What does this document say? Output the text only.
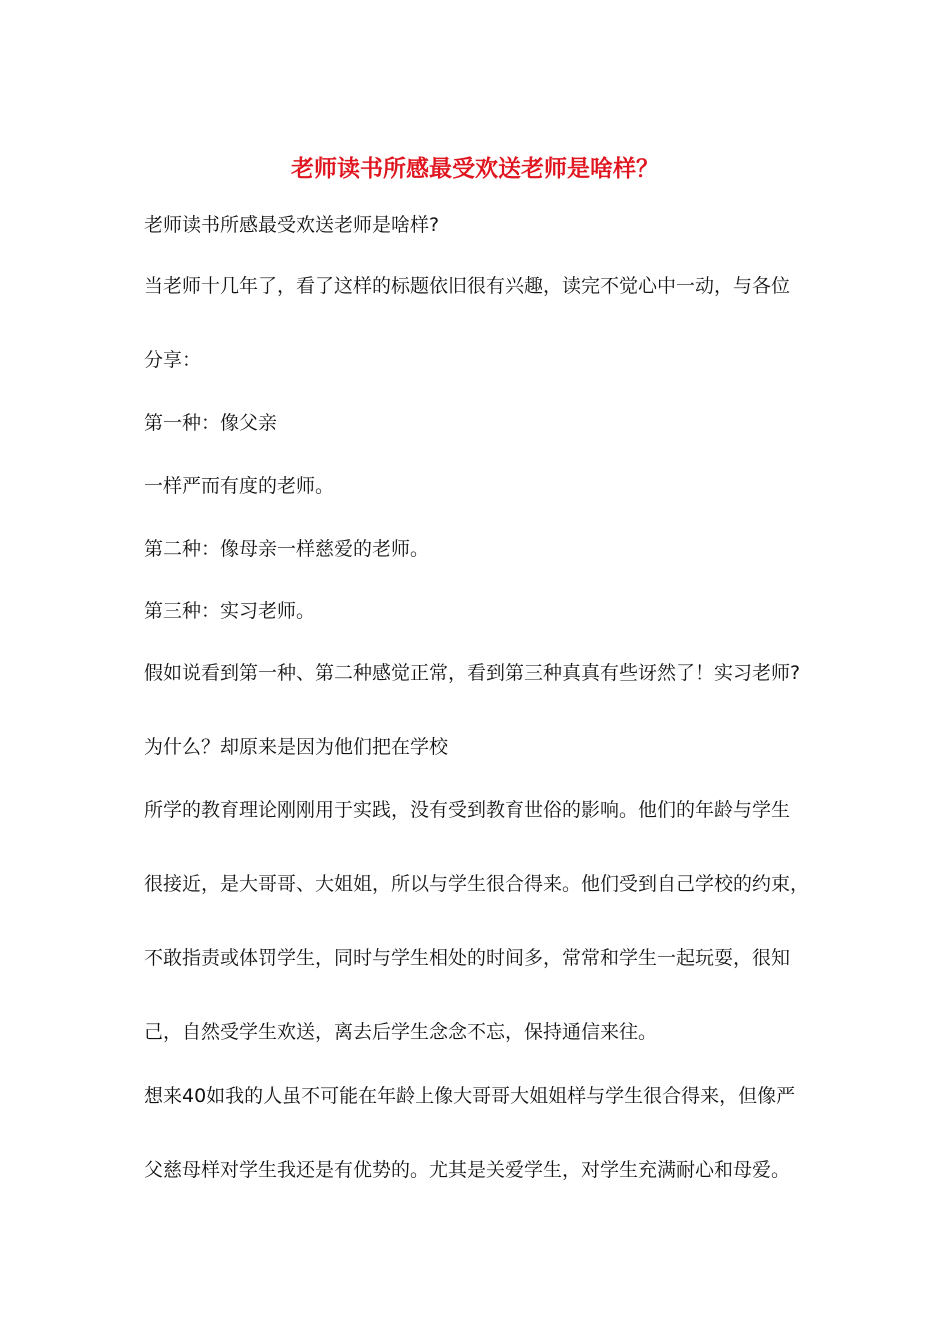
老师读书所感最受欢送老师是啥样？

老师读书所感最受欢送老师是啥样?

当老师十几年了，看了这样的标题依旧很有兴趣，读完不觉心中一动，与各位

分享：

第一种：像父亲

一样严而有度的老师。

第二种：像母亲一样慈爱的老师。

第三种：实习老师。

假如说看到第一种、第二种感觉正常，看到第三种真真有些讶然了！实习老师?

为什么？却原来是因为他们把在学校

所学的教育理论刚刚用于实践，没有受到教育世俗的影响。他们的年龄与学生

很接近，是大哥哥、大姐姐，所以与学生很合得来。他们受到自己学校的约束，

不敢指责或体罚学生，同时与学生相处的时间多，常常和学生一起玩耍，很知

己，自然受学生欢送，离去后学生念念不忘，保持通信来往。

想来40如我的人虽不可能在年龄上像大哥哥大姐姐样与学生很合得来，但像严

父慈母样对学生我还是有优势的。尤其是关爱学生，对学生充满耐心和母爱。
